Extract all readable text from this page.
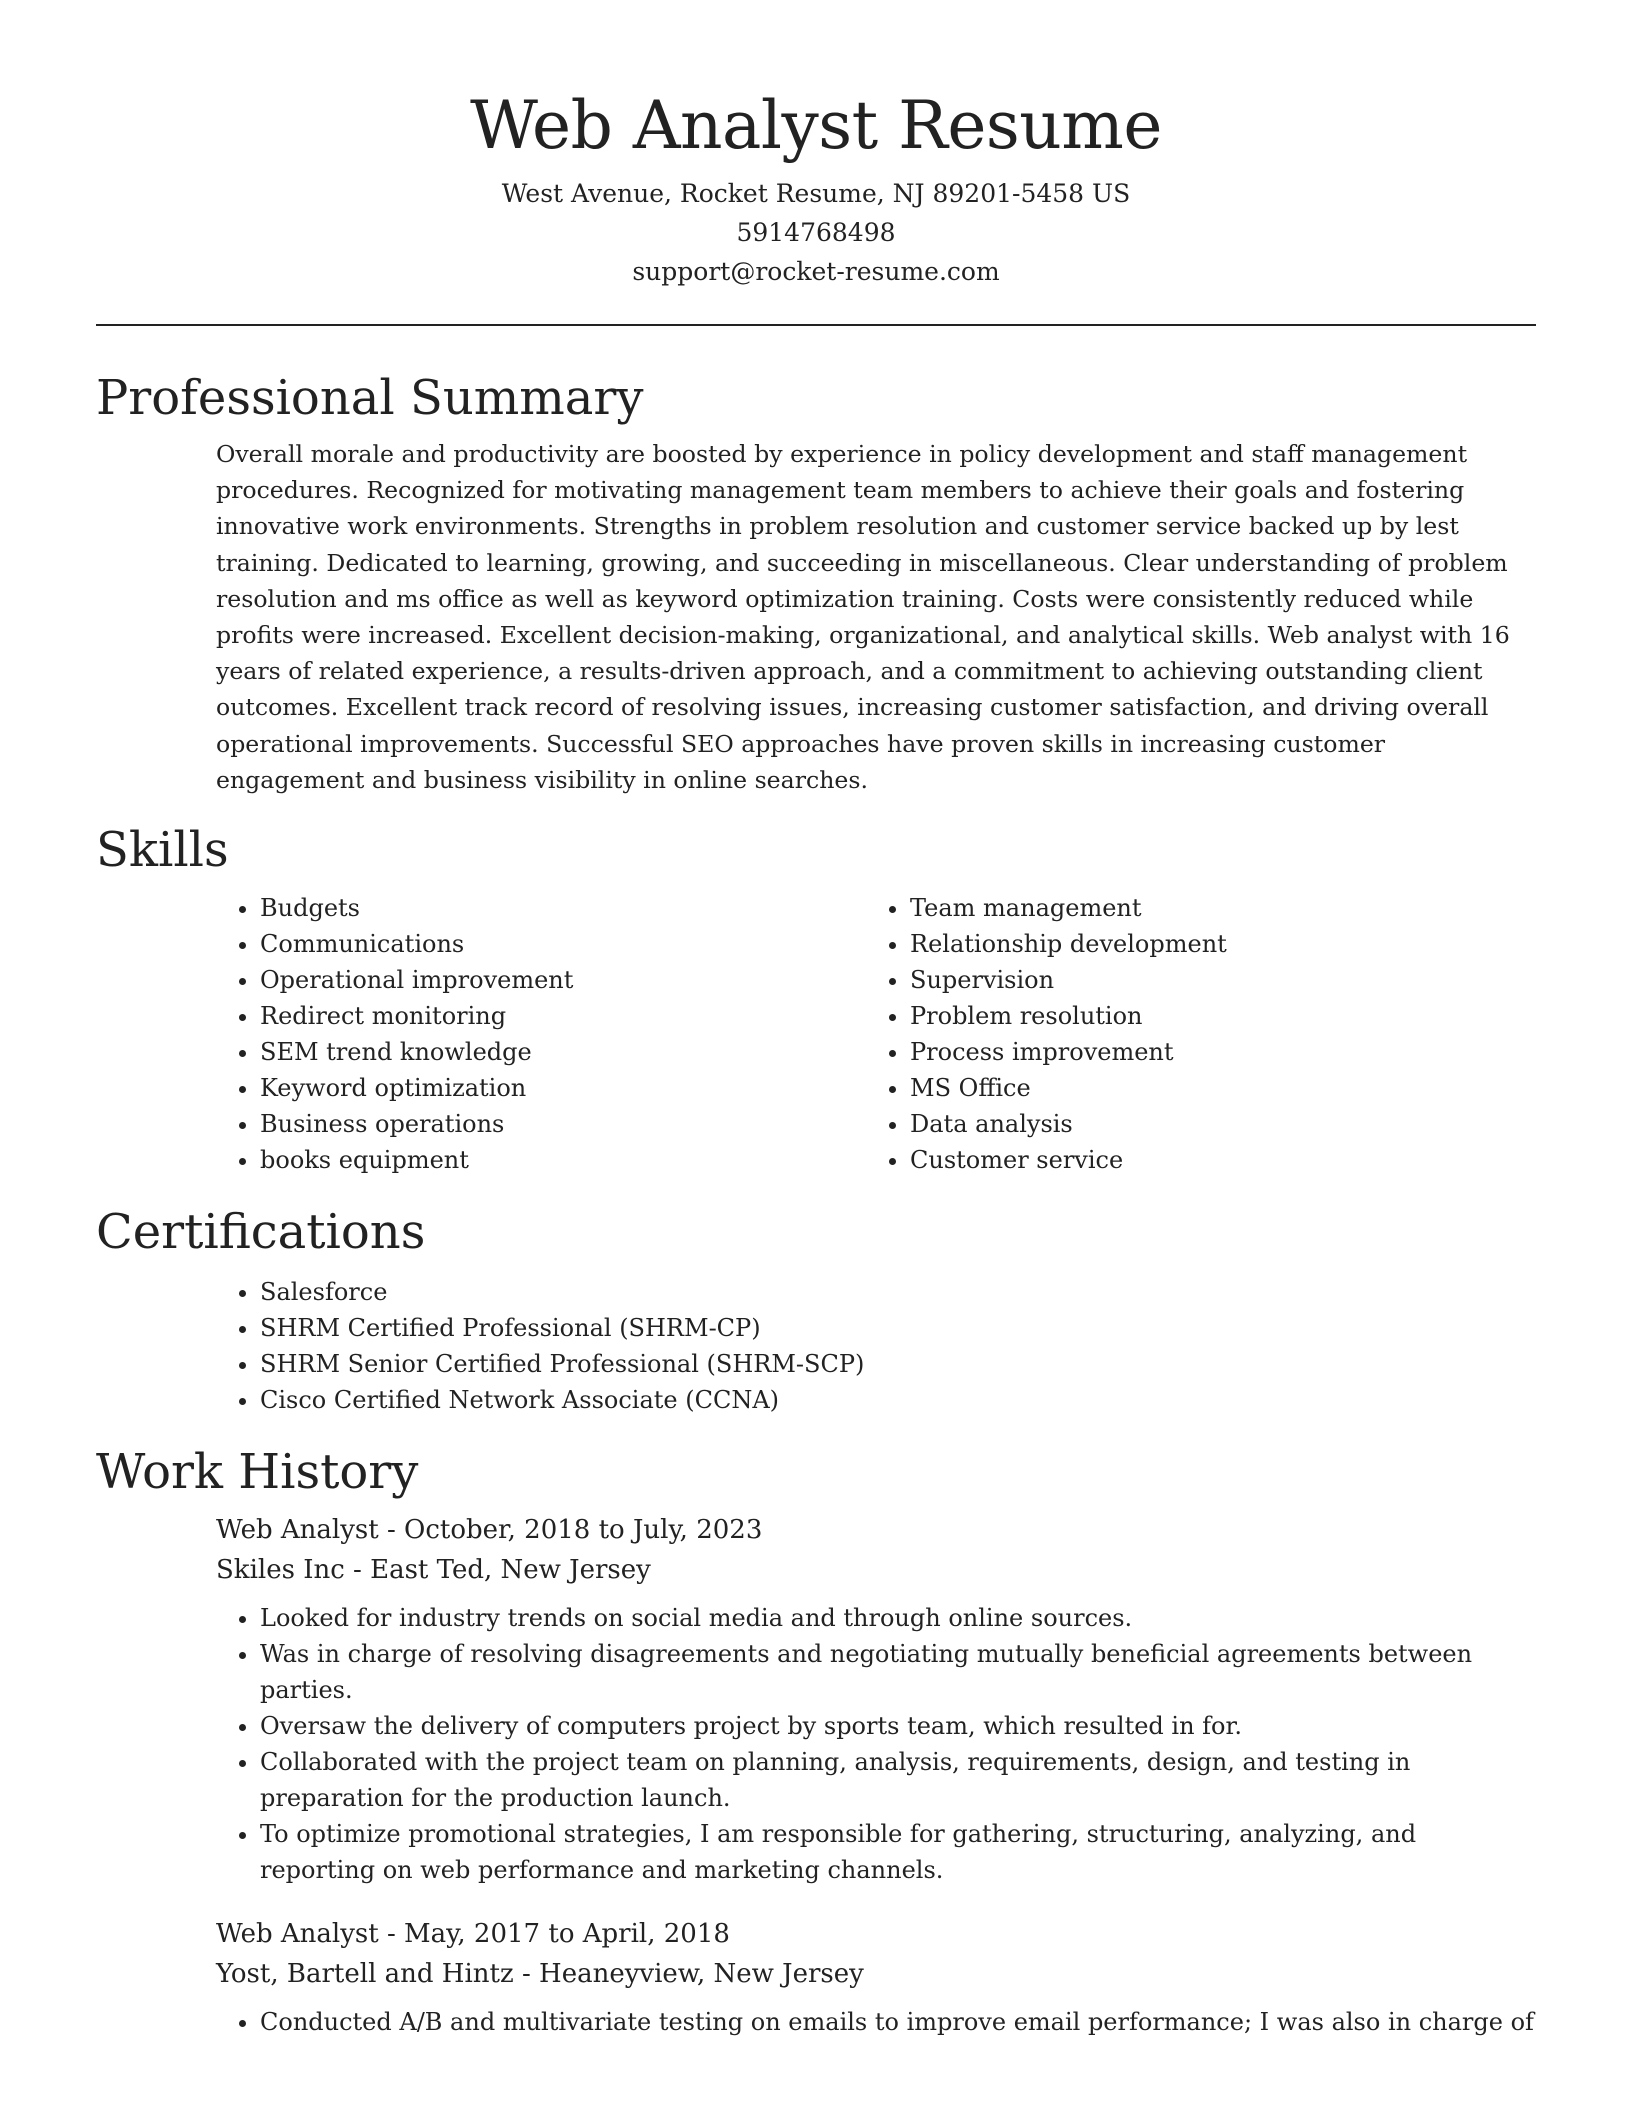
Web Analyst Resume

West Avenue, Rocket Resume, NJ 89201-5458 US

5914768498

support@rocket-resume.com

Professional Summary

Overall morale and productivity are boosted by experience in policy development and staff management procedures. Recognized for motivating management team members to achieve their goals and fostering innovative work environments. Strengths in problem resolution and customer service backed up by lest training. Dedicated to learning, growing, and succeeding in miscellaneous. Clear understanding of problem resolution and ms office as well as keyword optimization training. Costs were consistently reduced while profits were increased. Excellent decision-making, organizational, and analytical skills. Web analyst with 16 years of related experience, a results-driven approach, and a commitment to achieving outstanding client outcomes. Excellent track record of resolving issues, increasing customer satisfaction, and driving overall operational improvements. Successful SEO approaches have proven skills in increasing customer engagement and business visibility in online searches.

Skills
• Budgets
• Communications
• Operational improvement
• Redirect monitoring
• SEM trend knowledge
• Keyword optimization
• Business operations
• books equipment
• Team management
• Relationship development
• Supervision
• Problem resolution
• Process improvement
• MS Office
• Data analysis
• Customer service
Certifications
• Salesforce
• SHRM Certified Professional (SHRM-CP)
• SHRM Senior Certified Professional (SHRM-SCP)
• Cisco Certified Network Associate (CCNA)
Work History

Web Analyst - October, 2018 to July, 2023

Skiles Inc - East Ted, New Jersey

• Looked for industry trends on social media and through online sources.
• Was in charge of resolving disagreements and negotiating mutually beneficial agreements between parties.
• Oversaw the delivery of computers project by sports team, which resulted in for.
• Collaborated with the project team on planning, analysis, requirements, design, and testing in preparation for the production launch.
• To optimize promotional strategies, I am responsible for gathering, structuring, analyzing, and reporting on web performance and marketing channels.

Web Analyst - May, 2017 to April, 2018

Yost, Bartell and Hintz - Heaneyview, New Jersey

• Conducted A/B and multivariate testing on emails to improve email performance; I was also in charge of
